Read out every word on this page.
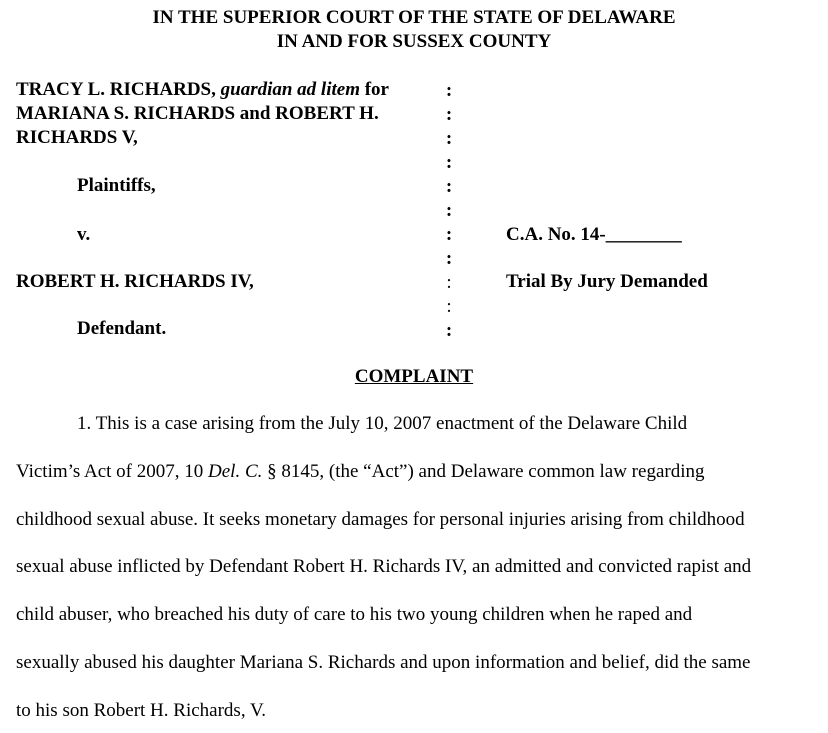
IN THE SUPERIOR COURT OF THE STATE OF DELAWARE
IN AND FOR SUSSEX COUNTY
TRACY L. RICHARDS, guardian ad litem for
MARIANA S. RICHARDS and ROBERT H.
RICHARDS V,
Plaintiffs,
v.
ROBERT H. RICHARDS IV,
Defendant.
:
:
:
:
:
:
:
:
:
:
:
C.A. No. 14-________
Trial By Jury Demanded
COMPLAINT
1. This is a case arising from the July 10, 2007 enactment of the Delaware Child
Victim’s Act of 2007, 10 Del. C. § 8145, (the “Act”) and Delaware common law regarding
childhood sexual abuse. It seeks monetary damages for personal injuries arising from childhood
sexual abuse inflicted by Defendant Robert H. Richards IV, an admitted and convicted rapist and
child abuser, who breached his duty of care to his two young children when he raped and
sexually abused his daughter Mariana S. Richards and upon information and belief, did the same
to his son Robert H. Richards, V.
